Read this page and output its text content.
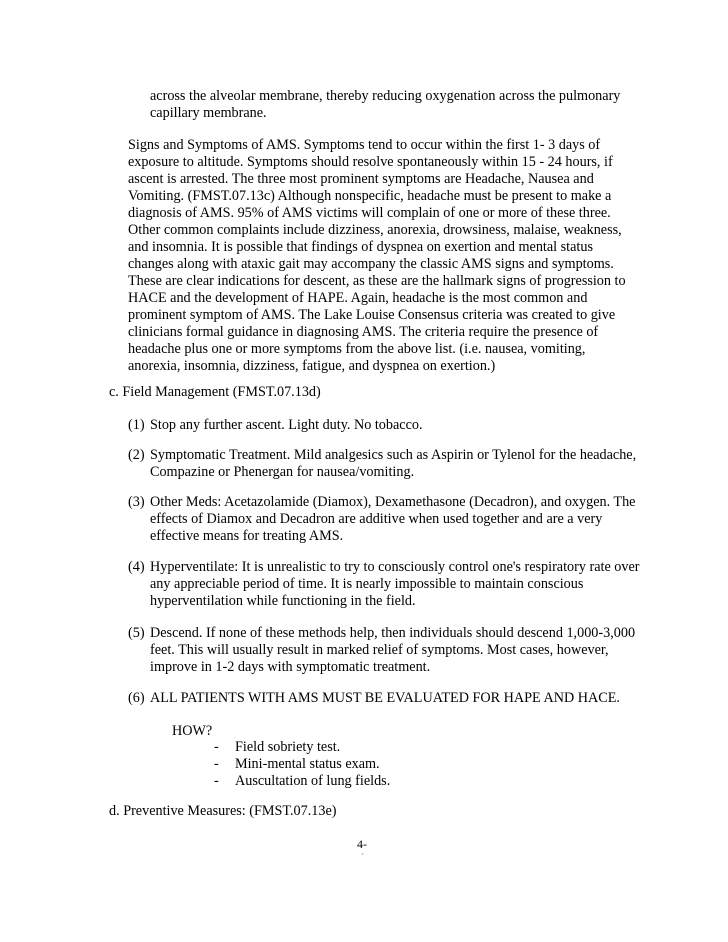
across the alveolar membrane, thereby reducing oxygenation across the pulmonary
capillary membrane.
Signs and Symptoms of AMS. Symptoms tend to occur within the first 1- 3 days of
exposure to altitude. Symptoms should resolve spontaneously within 15 - 24 hours, if
ascent is arrested. The three most prominent symptoms are Headache, Nausea and
Vomiting. (FMST.07.13c) Although nonspecific, headache must be present to make a
diagnosis of AMS. 95% of AMS victims will complain of one or more of these three.
Other common complaints include dizziness, anorexia, drowsiness, malaise, weakness,
and insomnia. It is possible that findings of dyspnea on exertion and mental status
changes along with ataxic gait may accompany the classic AMS signs and symptoms.
These are clear indications for descent, as these are the hallmark signs of progression to
HACE and the development of HAPE. Again, headache is the most common and
prominent symptom of AMS. The Lake Louise Consensus criteria was created to give
clinicians formal guidance in diagnosing AMS. The criteria require the presence of
headache plus one or more symptoms from the above list. (i.e. nausea, vomiting,
anorexia, insomnia, dizziness, fatigue, and dyspnea on exertion.)
c. Field Management (FMST.07.13d)
(1) Stop any further ascent. Light duty. No tobacco.
(2) Symptomatic Treatment. Mild analgesics such as Aspirin or Tylenol for the headache,
Compazine or Phenergan for nausea/vomiting.
(3) Other Meds: Acetazolamide (Diamox), Dexamethasone (Decadron), and oxygen. The
effects of Diamox and Decadron are additive when used together and are a very
effective means for treating AMS.
(4) Hyperventilate: It is unrealistic to try to consciously control one's respiratory rate over
any appreciable period of time. It is nearly impossible to maintain conscious
hyperventilation while functioning in the field.
(5) Descend. If none of these methods help, then individuals should descend 1,000-3,000
feet. This will usually result in marked relief of symptoms. Most cases, however,
improve in 1-2 days with symptomatic treatment.
(6) ALL PATIENTS WITH AMS MUST BE EVALUATED FOR HAPE AND HACE.
HOW?
- Field sobriety test.
- Mini-mental status exam.
- Auscultation of lung fields.
d. Preventive Measures: (FMST.07.13e)
4-
´
